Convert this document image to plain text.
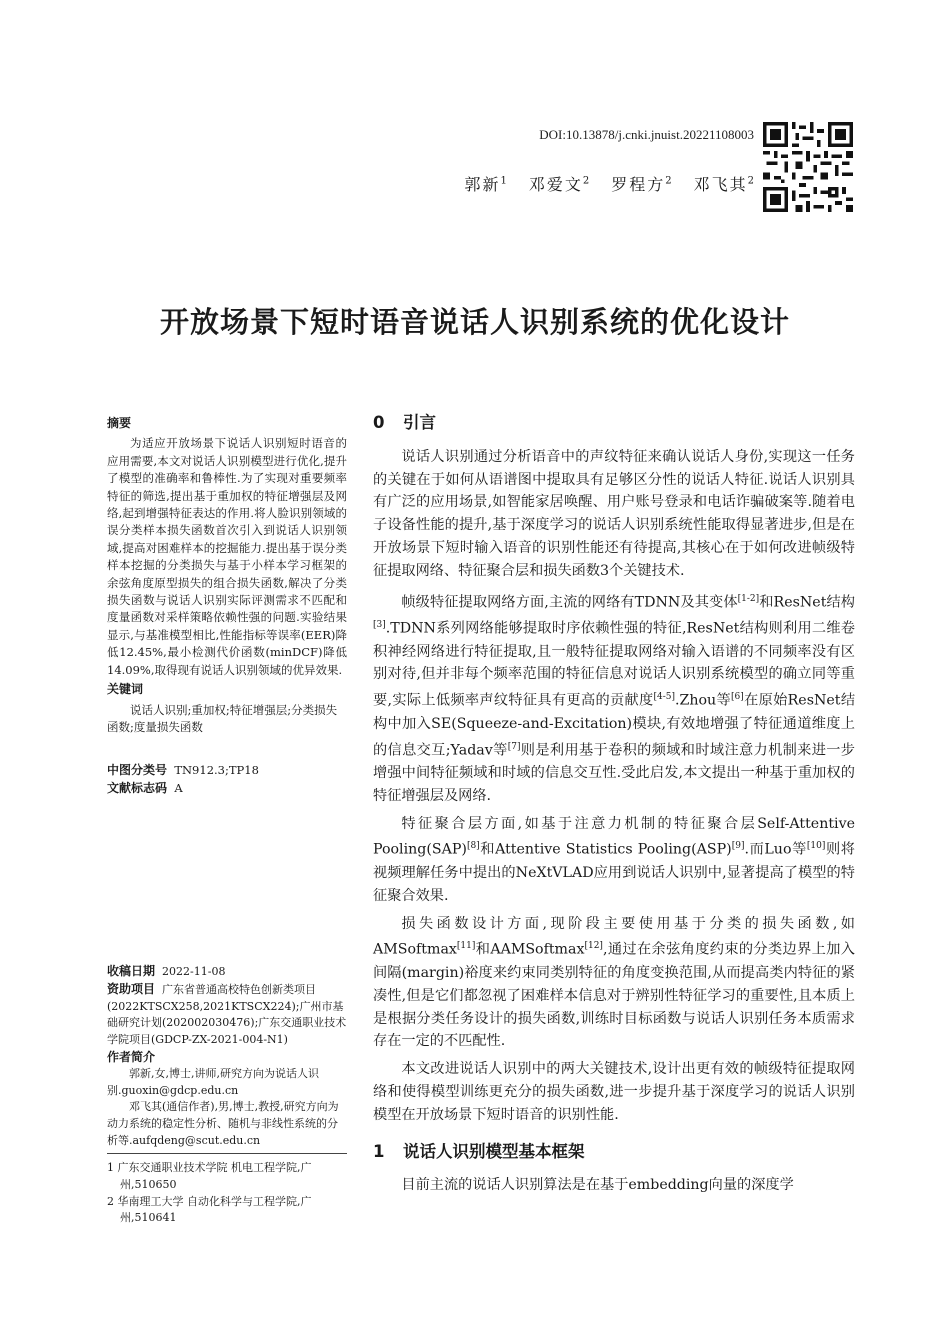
DOI:10.13878/j.cnki.jnuist.20221108003
郭新$^1$ 邓爱文$^2$ 罗程方$^2$ 邓飞其$^2$
开放场景下短时语音说话人识别系统的优化设计
摘要
为适应开放场景下说话人识别短时语音的应用需要,本文对说话人识别模型进行优化,提升了模型的准确率和鲁棒性.为了实现对重要频率特征的筛选,提出基于重加权的特征增强层及网络,起到增强特征表达的作用.将人脸识别领域的误分类样本损失函数首次引入到说话人识别领域,提高对困难样本的挖掘能力.提出基于误分类样本挖掘的分类损失与基于小样本学习框架的余弦角度原型损失的组合损失函数,解决了分类损失函数与说话人识别实际评测需求不匹配和度量函数对采样策略依赖性强的问题.实验结果显示,与基准模型相比,性能指标等误率(EER)降低12.45%,最小检测代价函数(minDCF)降低14.09%,取得现有说话人识别领域的优异效果.
关键词
说话人识别;重加权;特征增强层;分类损失函数;度量损失函数
中图分类号 TN912.3;TP18
文献标志码 A

收稿日期 2022-11-08

资助项目 广东省普通高校特色创新类项目(2022KTSCX258,2021KTSCX224);广州市基础研究计划(202002030476);广东交通职业技术学院项目(GDCP-ZX-2021-004-N1)

作者简介

郭新,女,博士,讲师,研究方向为说话人识别.guoxin@gdcp.edu.cn

邓飞其(通信作者),男,博士,教授,研究方向为动力系统的稳定性分析、随机与非线性系统的分析等.aufqdeng@scut.edu.cn

1 广东交通职业技术学院 机电工程学院,广州,510650

2 华南理工大学 自动化科学与工程学院,广州,510641

0 引言

说话人识别通过分析语音中的声纹特征来确认说话人身份,实现这一任务的关键在于如何从语谱图中提取具有足够区分性的说话人特征.说话人识别具有广泛的应用场景,如智能家居唤醒、用户账号登录和电话诈骗破案等.随着电子设备性能的提升,基于深度学习的说话人识别系统性能取得显著进步,但是在开放场景下短时输入语音的识别性能还有待提高,其核心在于如何改进帧级特征提取网络、特征聚合层和损失函数3个关键技术.

帧级特征提取网络方面,主流的网络有TDNN及其变体[1-2]和ResNet结构[3].TDNN系列网络能够提取时序依赖性强的特征,ResNet结构则利用二维卷积神经网络进行特征提取,且一般特征提取网络对输入语谱的不同频率没有区别对待,但并非每个频率范围的特征信息对说话人识别系统模型的确立同等重要,实际上低频率声纹特征具有更高的贡献度[4-5].Zhou等[6]在原始ResNet结构中加入SE(Squeeze-and-Excitation)模块,有效地增强了特征通道维度上的信息交互;Yadav等[7]则是利用基于卷积的频域和时域注意力机制来进一步增强中间特征频域和时域的信息交互性.受此启发,本文提出一种基于重加权的特征增强层及网络.

特征聚合层方面,如基于注意力机制的特征聚合层Self-Attentive Pooling(SAP)[8]和Attentive Statistics Pooling(ASP)[9].而Luo等[10]则将视频理解任务中提出的NeXtVLAD应用到说话人识别中,显著提高了模型的特征聚合效果.

损失函数设计方面,现阶段主要使用基于分类的损失函数,如AMSoftmax[11]和AAMSoftmax[12],通过在余弦角度约束的分类边界上加入间隔(margin)裕度来约束同类别特征的角度变换范围,从而提高类内特征的紧凑性,但是它们都忽视了困难样本信息对于辨别性特征学习的重要性,且本质上是根据分类任务设计的损失函数,训练时目标函数与说话人识别任务本质需求存在一定的不匹配性.

本文改进说话人识别中的两大关键技术,设计出更有效的帧级特征提取网络和使得模型训练更充分的损失函数,进一步提升基于深度学习的说话人识别模型在开放场景下短时语音的识别性能.

1 说话人识别模型基本框架

目前主流的说话人识别算法是在基于embedding向量的深度学
